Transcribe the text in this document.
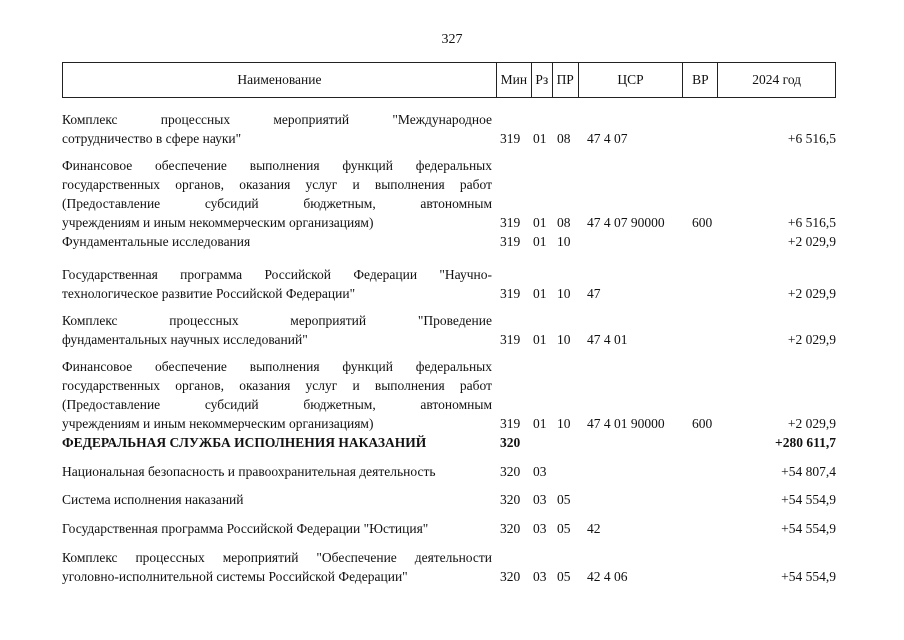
327
Наименование	Мин Рз ПР	ЦСР	ВР	2024 год
Комплекс процессных мероприятий "Международное
сотрудничество в сфере науки"	319 01 08 47 4 07	+6 516,5
Финансовое обеспечение выполнения функций федеральных
государственных органов, оказания услуг и выполнения работ
(Предоставление субсидий бюджетным, автономным
учреждениям и иным некоммерческим организациям)	319 01 08 47 4 07 90000 600	+6 516,5
Фундаментальные исследования	319 01 10	+2 029,9
Государственная программа Российской Федерации "Научно-
технологическое развитие Российской Федерации"	319 01 10 47	+2 029,9
Комплекс процессных мероприятий "Проведение
фундаментальных научных исследований"	319 01 10 47 4 01	+2 029,9
Финансовое обеспечение выполнения функций федеральных
государственных органов, оказания услуг и выполнения работ
(Предоставление субсидий бюджетным, автономным
учреждениям и иным некоммерческим организациям)	319 01 10 47 4 01 90000 600	+2 029,9
ФЕДЕРАЛЬНАЯ СЛУЖБА ИСПОЛНЕНИЯ НАКАЗАНИЙ	320	+280 611,7
Национальная безопасность и правоохранительная деятельность	320 03	+54 807,4
Система исполнения наказаний	320 03 05	+54 554,9
Государственная программа Российской Федерации "Юстиция"	320 03 05 42	+54 554,9
Комплекс процессных мероприятий "Обеспечение деятельности
уголовно-исполнительной системы Российской Федерации"	320 03 05 42 4 06	+54 554,9
